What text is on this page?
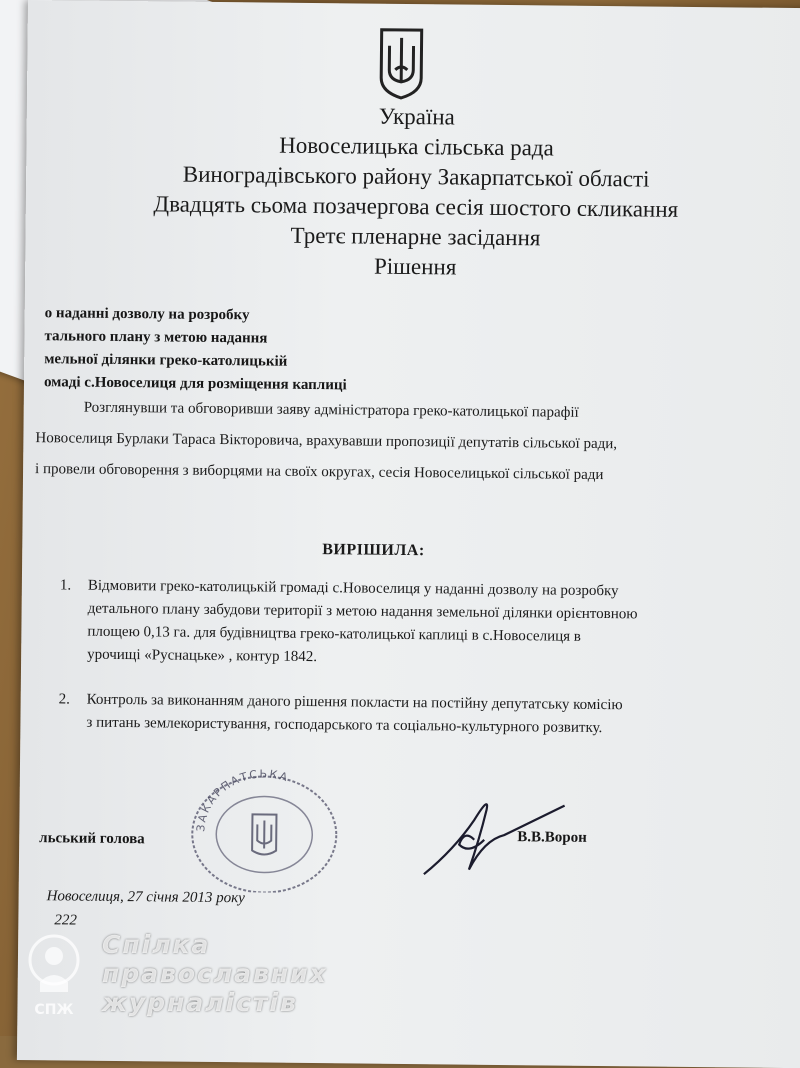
Україна
Новоселицька сільська рада
Виноградівського району Закарпатської області
Двадцять сьома позачергова сесія шостого скликання
Третє пленарне засідання
Рішення
о наданні дозволу на розробку
тального плану з метою надання
мельної ділянки греко-католицькій
омаді с.Новоселиця для розміщення каплиці
Розглянувши та обговоривши заяву адміністратора греко-католицької парафії
Новоселиця Бурлаки Тараса Вікторовича, врахувавши пропозиції депутатів сільської ради,
і провели обговорення з виборцями на своїх округах, сесія Новоселицької сільської ради
ВИРІШИЛА:
1. Відмовити греко-католицькій громаді с.Новоселиця у наданні дозволу на розробку
детального плану забудови території з метою надання земельної ділянки орієнтовною
площею 0,13 га. для будівництва греко-католицької каплиці в с.Новоселиця в
урочищі «Руснацьке» , контур 1842.
2. Контроль за виконанням даного рішення покласти на постійну депутатську комісію
з питань землекористування, господарського та соціально-культурного розвитку.
ЗАКАРПАТСЬКА
льський голова	В.В.Ворон
Новоселиця, 27 січня 2013 року
222
СПЖ
Спілка
православних
журналістів
